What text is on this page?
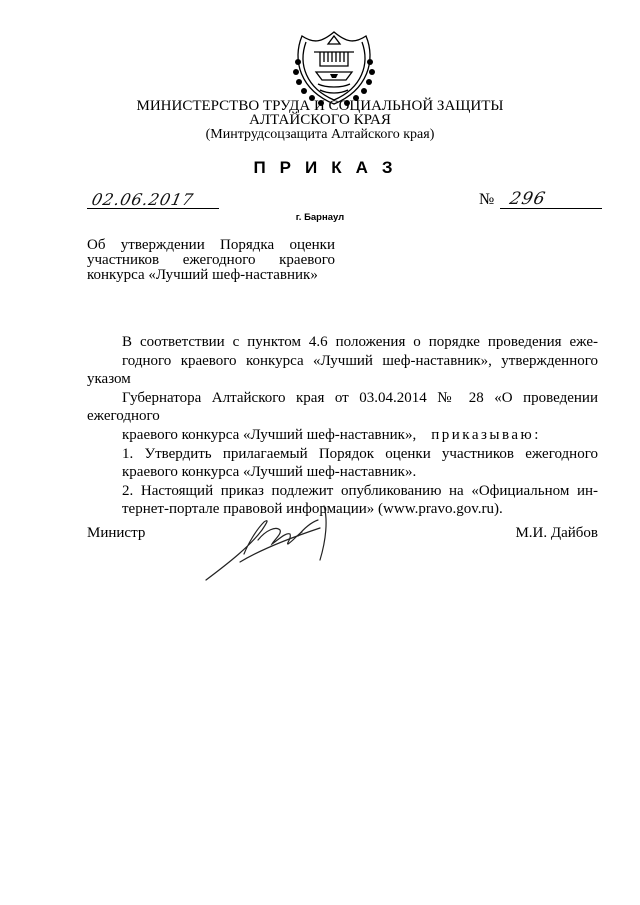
МИНИСТЕРСТВО ТРУДА И СОЦИАЛЬНОЙ ЗАЩИТЫ
АЛТАЙСКОГО КРАЯ
(Минтрудсоцзащита Алтайского края)
ПРИКАЗ
02.06.2017	№ 296
г. Барнаул
Об утверждении Порядка оценки
участников ежегодного краевого
конкурса «Лучший шеф-наставник»

В соответствии с пунктом 4.6 положения о порядке проведения еже-
годного краевого конкурса «Лучший шеф-наставник», утвержденного указом
Губернатора Алтайского края от 03.04.2014 № 28 «О проведении ежегодного
краевого конкурса «Лучший шеф-наставник», приказываю:

1. Утвердить прилагаемый Порядок оценки участников ежегодного
краевого конкурса «Лучший шеф-наставник».

2. Настоящий приказ подлежит опубликованию на «Официальном ин-
тернет-портале правовой информации» (www.pravo.gov.ru).

Министр	М.И. Дайбов
